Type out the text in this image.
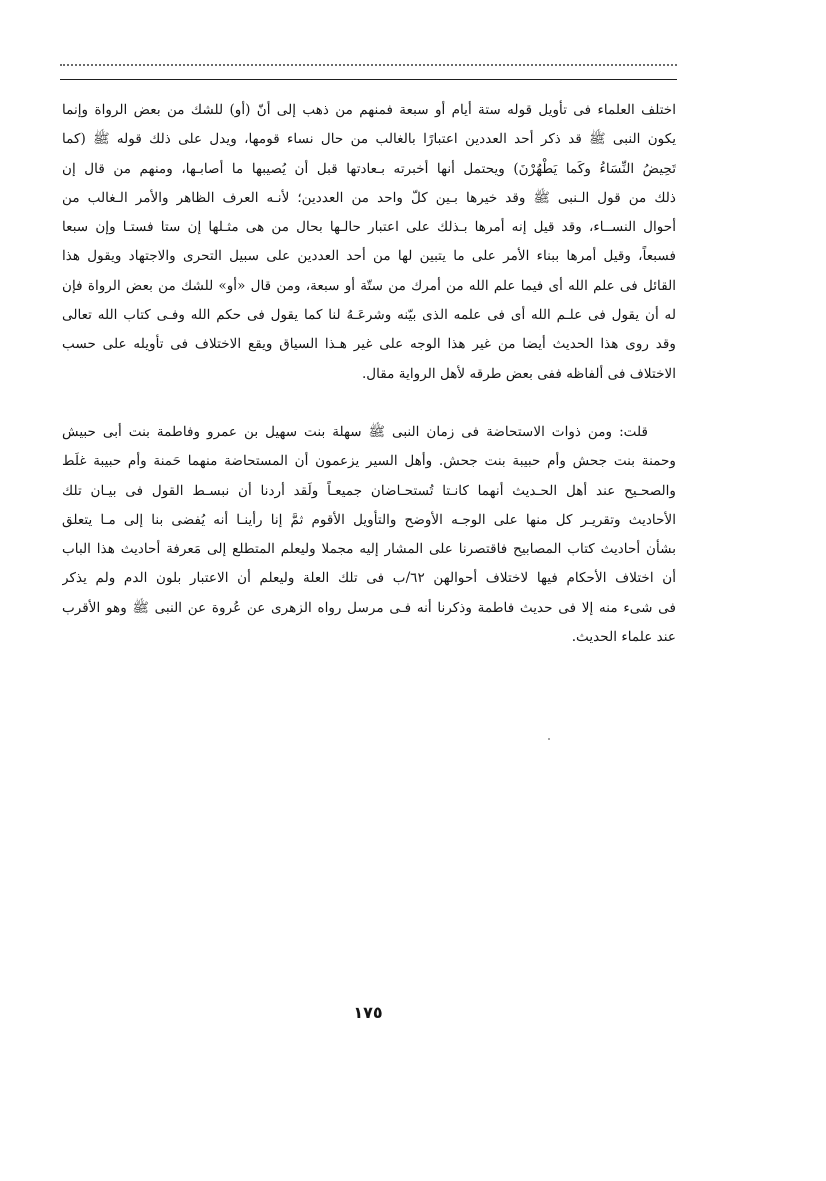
اختلف العلماء فى تأويل قوله ستة أيام أو سبعة فمنهم من ذهب إلى أنّ (أو) للشك من بعض الرواة وإنما
يكون النبى ﷺ قد ذكر أحد العددين اعتبارًا بالغالب من حال نساء قومها، ويدل على ذلك قوله ﷺ (كما
تَحِيضُ النِّسَاءُ وكَما يَطْهُرْنَ) ويحتمل أنها أخبرته بـعادتها قبل أن يُصيبها ما أصابـها، ومنهم من قال إن
ذلك من قول الـنبى ﷺ وقد خيرها بـين كلّ واحد من العددين؛ لأنـه العرف الظاهر والأمر الـغالب من
أحوال النســاء، وقد قيل إنه أمرها بـذلك على اعتبار حالـها بحال من هى مثـلها إن ستا فستـا وإن سبعا
فسبعاً، وقيل أمرها ببناء الأمر على ما يتبين لها من أحد العددين على سبيل التحرى والاجتهاد ويقول هذا
القائل فى علم الله أى فيما علم الله من أمرك من ستّة أو سبعة، ومن قال «أو» للشك من بعض الرواة فإن
له أن يقول فى علـم الله أى فى علمه الذى بيّنه وشرعَـهُ لنا كما يقول فى حكم الله وفـى كتاب الله تعالى
وقد روى هذا الحديث أيضا من غير هذا الوجه على غير هـذا السياق ويقع الاختلاف فى تأويله على حسب
الاختلاف فى ألفاظه ففى بعض طرقه لأهل الرواية مقال.
قلت: ومن ذوات الاستحاضة فى زمان النبى ﷺ سهلة بنت سهيل بن عمرو وفاطمة بنت أبى حبيش
وحمنة بنت جحش وأم حبيبة بنت جحش. وأهل السير يزعمون أن المستحاضة منهما حَمنة وأم حبيبة غلَط
والصحـيح عند أهل الحـديث أنهما كانـتا تُستحـاضان جميعـاً ولَقد أردنا أن نبسـط القول فى بيـان تلك
الأحاديث وتقريـر كل منها على الوجـه الأوضح والتأويل الأقوم ثمَّ إنا رأينـا أنه يُفضى بنا إلى مـا يتعلق
بشأن أحاديث كتاب المصابيح فاقتصرنا على المشار إليه مجملا وليعلم المتطلع إلى مَعرفة أحاديث هذا الباب
أن اختلاف الأحكام فيها لاختلاف أحوالهن ٦٢/ب فى تلك العلة وليعلم أن الاعتبار بلون الدم ولم يذكر
فى شىء منه إلا فى حديث فاطمة وذكرنا أنه فـى مرسل رواه الزهرى عن عُروة عن النبى ﷺ وهو الأقرب
عند علماء الحديث.
١٧٥
